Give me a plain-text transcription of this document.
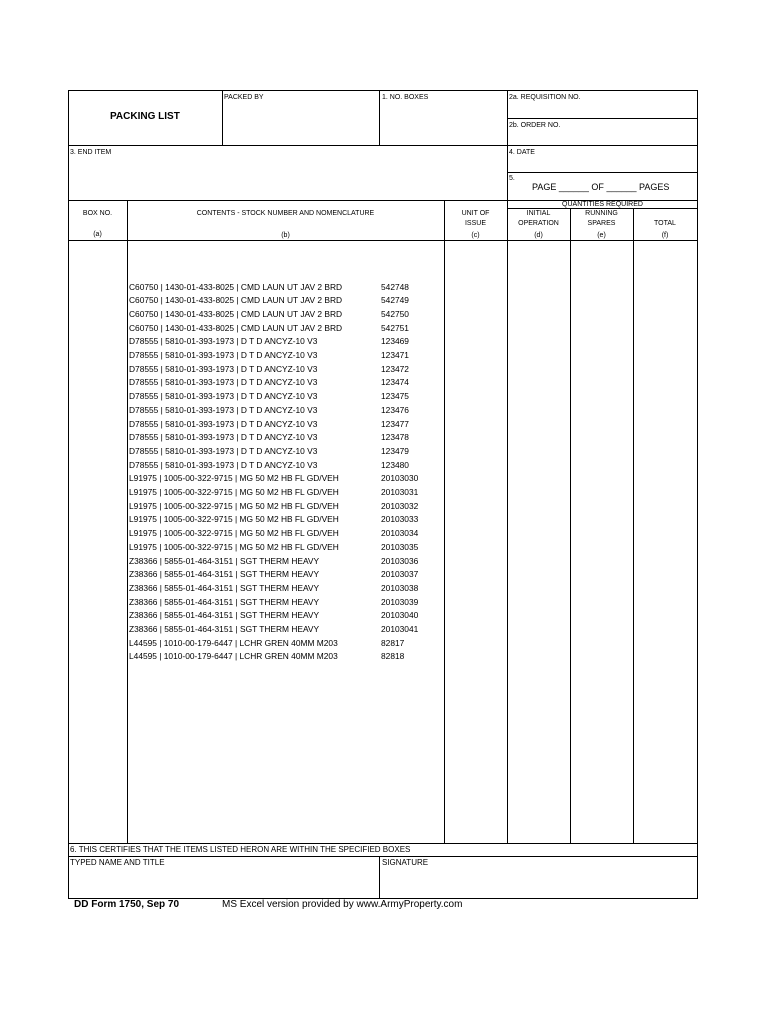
PACKING LIST
PACKED BY	1. NO. BOXES	2a. REQUISITION NO.
2b. ORDER NO.
3. END ITEM	4. DATE
5.
PAGE ______ OF ______ PAGES
QUANTITIES REQUIRED
BOX NO.
(a)
CONTENTS - STOCK NUMBER AND NOMENCLATURE
(b)
UNIT OF
ISSUE
(c)
INITIAL
OPERATION
(d)
RUNNING
SPARES
(e)
TOTAL
(f)
C60750 | 1430-01-433-8025 | CMD LAUN UT JAV 2 BRD	542748
C60750 | 1430-01-433-8025 | CMD LAUN UT JAV 2 BRD	542749
C60750 | 1430-01-433-8025 | CMD LAUN UT JAV 2 BRD	542750
C60750 | 1430-01-433-8025 | CMD LAUN UT JAV 2 BRD	542751
D78555 | 5810-01-393-1973 | D T D ANCYZ-10 V3	123469
D78555 | 5810-01-393-1973 | D T D ANCYZ-10 V3	123471
D78555 | 5810-01-393-1973 | D T D ANCYZ-10 V3	123472
D78555 | 5810-01-393-1973 | D T D ANCYZ-10 V3	123474
D78555 | 5810-01-393-1973 | D T D ANCYZ-10 V3	123475
D78555 | 5810-01-393-1973 | D T D ANCYZ-10 V3	123476
D78555 | 5810-01-393-1973 | D T D ANCYZ-10 V3	123477
D78555 | 5810-01-393-1973 | D T D ANCYZ-10 V3	123478
D78555 | 5810-01-393-1973 | D T D ANCYZ-10 V3	123479
D78555 | 5810-01-393-1973 | D T D ANCYZ-10 V3	123480
L91975 | 1005-00-322-9715 | MG 50 M2 HB FL GD/VEH	20103030
L91975 | 1005-00-322-9715 | MG 50 M2 HB FL GD/VEH	20103031
L91975 | 1005-00-322-9715 | MG 50 M2 HB FL GD/VEH	20103032
L91975 | 1005-00-322-9715 | MG 50 M2 HB FL GD/VEH	20103033
L91975 | 1005-00-322-9715 | MG 50 M2 HB FL GD/VEH	20103034
L91975 | 1005-00-322-9715 | MG 50 M2 HB FL GD/VEH	20103035
Z38366 | 5855-01-464-3151 | SGT THERM HEAVY	20103036
Z38366 | 5855-01-464-3151 | SGT THERM HEAVY	20103037
Z38366 | 5855-01-464-3151 | SGT THERM HEAVY	20103038
Z38366 | 5855-01-464-3151 | SGT THERM HEAVY	20103039
Z38366 | 5855-01-464-3151 | SGT THERM HEAVY	20103040
Z38366 | 5855-01-464-3151 | SGT THERM HEAVY	20103041
L44595 | 1010-00-179-6447 | LCHR GREN 40MM M203	82817
L44595 | 1010-00-179-6447 | LCHR GREN 40MM M203	82818
6. THIS CERTIFIES THAT THE ITEMS LISTED HERON ARE WITHIN THE SPECIFIED BOXES
TYPED NAME AND TITLE	SIGNATURE
DD Form 1750, Sep 70	MS Excel version provided by www.ArmyProperty.com
